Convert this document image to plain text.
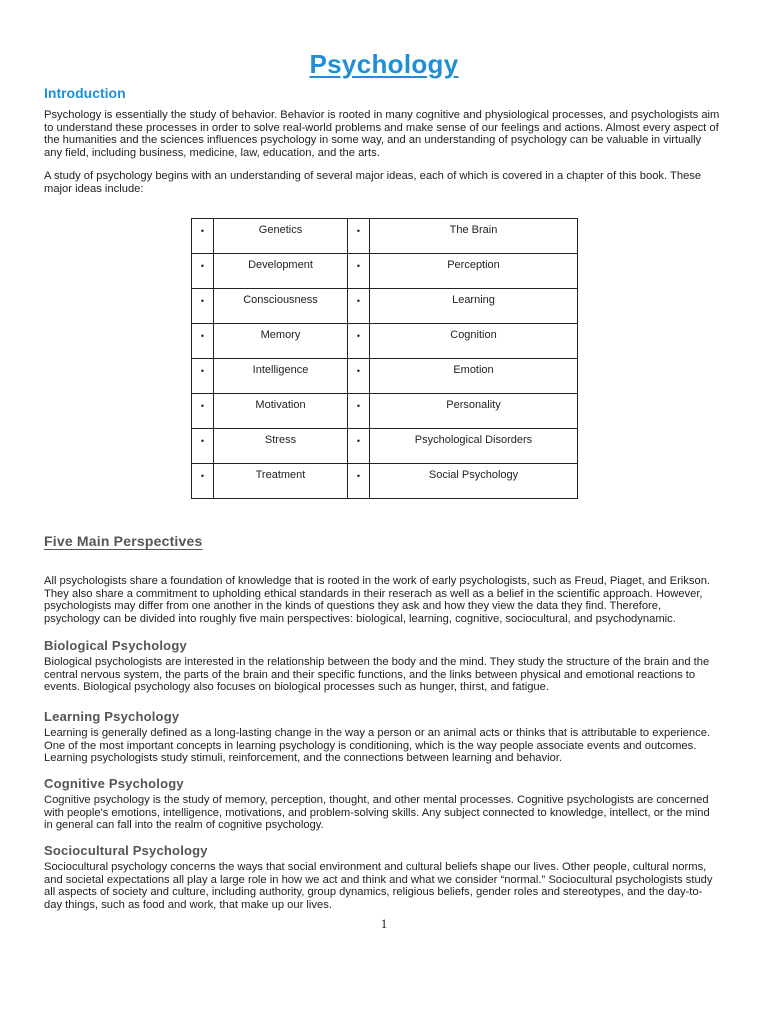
Psychology
Introduction

Psychology is essentially the study of behavior. Behavior is rooted in many cognitive and physiological processes, and psychologists aim to understand these processes in order to solve real-world problems and make sense of our feelings and actions. Almost every aspect of the humanities and the sciences influences psychology in some way, and an understanding of psychology can be valuable in virtually any field, including business, medicine, law, education, and the arts.

A study of psychology begins with an understanding of several major ideas, each of which is covered in a chapter of this book. These major ideas include:

•	Genetics	•	The Brain
•	Development	•	Perception
•	Consciousness	•	Learning
•	Memory	•	Cognition
•	Intelligence	•	Emotion
•	Motivation	•	Personality
•	Stress	•	Psychological Disorders
•	Treatment	•	Social Psychology
Five Main Perspectives

All psychologists share a foundation of knowledge that is rooted in the work of early psychologists, such as Freud, Piaget, and Erikson. They also share a commitment to upholding ethical standards in their reserach as well as a belief in the scientific approach. However, psychologists may differ from one another in the kinds of questions they ask and how they view the data they find. Therefore, psychology can be divided into roughly five main perspectives: biological, learning, cognitive, sociocultural, and psychodynamic.

Biological Psychology

Biological psychologists are interested in the relationship between the body and the mind. They study the structure of the brain and the central nervous system, the parts of the brain and their specific functions, and the links between physical and emotional reactions to events. Biological psychology also focuses on biological processes such as hunger, thirst, and fatigue.

Learning Psychology

Learning is generally defined as a long-lasting change in the way a person or an animal acts or thinks that is attributable to experience. One of the most important concepts in learning psychology is conditioning, which is the way people associate events and outcomes. Learning psychologists study stimuli, reinforcement, and the connections between learning and behavior.

Cognitive Psychology

Cognitive psychology is the study of memory, perception, thought, and other mental processes. Cognitive psychologists are concerned with people's emotions, intelligence, motivations, and problem-solving skills. Any subject connected to knowledge, intellect, or the mind in general can fall into the realm of cognitive psychology.

Sociocultural Psychology

Sociocultural psychology concerns the ways that social environment and cultural beliefs shape our lives. Other people, cultural norms, and societal expectations all play a large role in how we act and think and what we consider “normal.” Sociocultural psychologists study all aspects of society and culture, including authority, group dynamics, religious beliefs, gender roles and stereotypes, and the day-to-day things, such as food and work, that make up our lives.

1
